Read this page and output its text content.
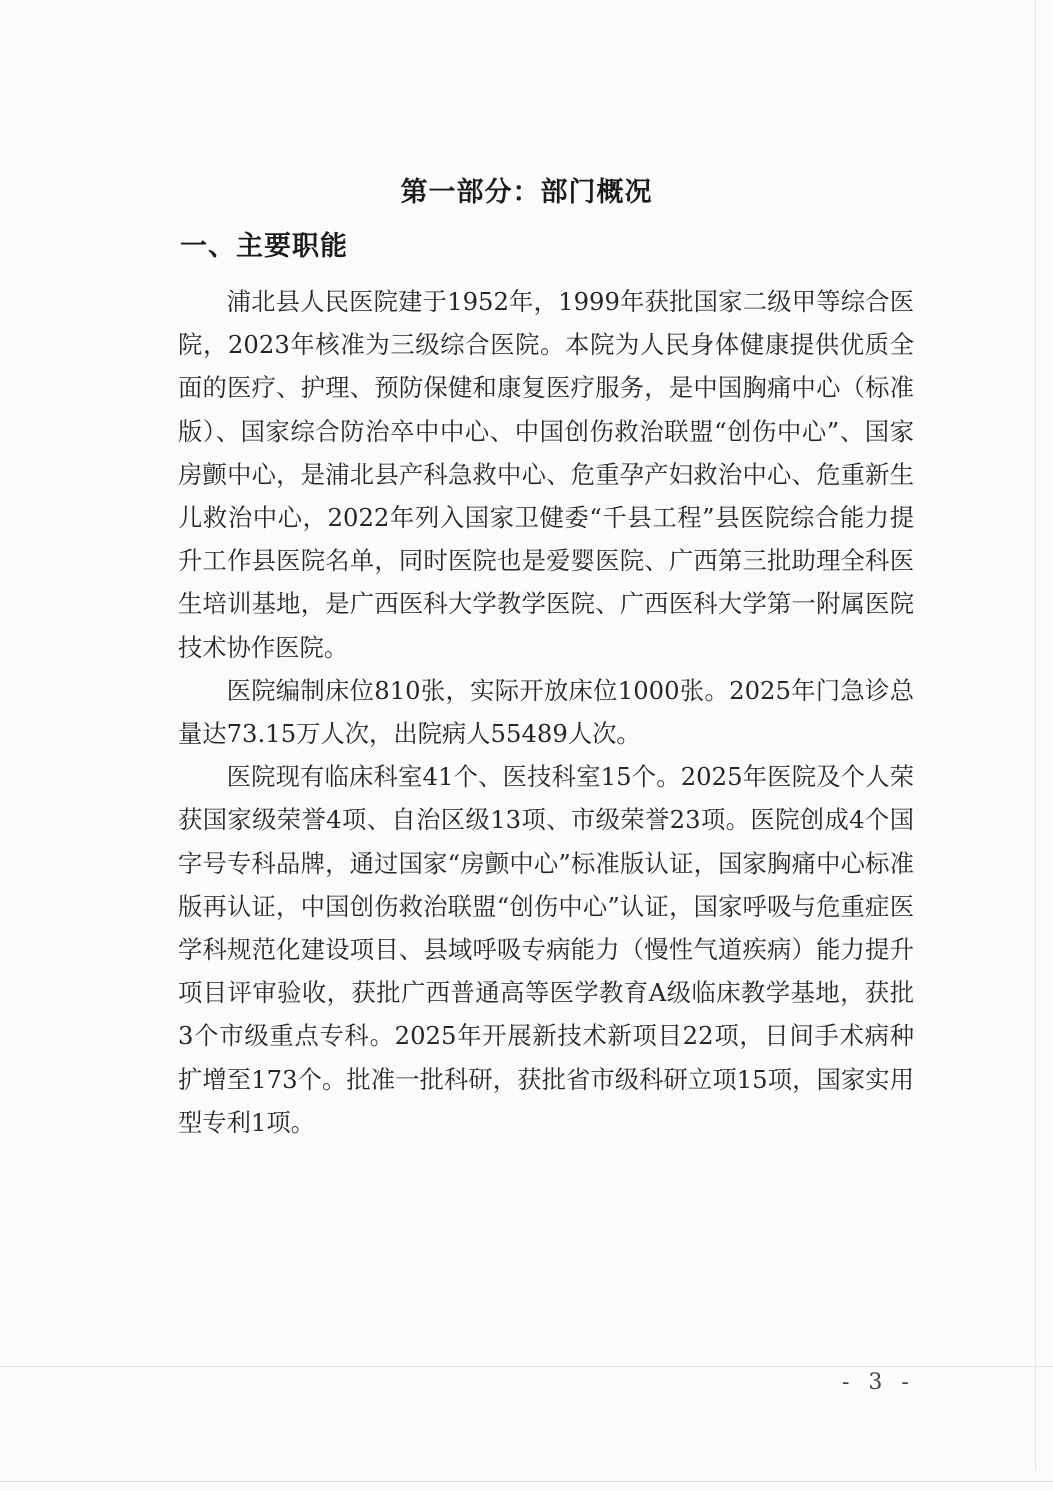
第一部分：部门概况
一、主要职能

浦北县人民医院建于1952年，1999年获批国家二级甲等综合医院，2023年核准为三级综合医院。本院为人民身体健康提供优质全面的医疗、护理、预防保健和康复医疗服务，是中国胸痛中心（标准版）、国家综合防治卒中中心、中国创伤救治联盟“创伤中心”、国家房颤中心，是浦北县产科急救中心、危重孕产妇救治中心、危重新生儿救治中心，2022年列入国家卫健委“千县工程”县医院综合能力提升工作县医院名单，同时医院也是爱婴医院、广西第三批助理全科医生培训基地，是广西医科大学教学医院、广西医科大学第一附属医院技术协作医院。

医院编制床位810张，实际开放床位1000张。2025年门急诊总量达73.15万人次，出院病人55489人次。

医院现有临床科室41个、医技科室15个。2025年医院及个人荣获国家级荣誉4项、自治区级13项、市级荣誉23项。医院创成4个国字号专科品牌，通过国家“房颤中心”标准版认证，国家胸痛中心标准版再认证，中国创伤救治联盟“创伤中心”认证，国家呼吸与危重症医学科规范化建设项目、县域呼吸专病能力（慢性气道疾病）能力提升项目评审验收，获批广西普通高等医学教育A级临床教学基地，获批3个市级重点专科。2025年开展新技术新项目22项，日间手术病种扩增至173个。批准一批科研，获批省市级科研立项15项，国家实用型专利1项。

- 3 -
